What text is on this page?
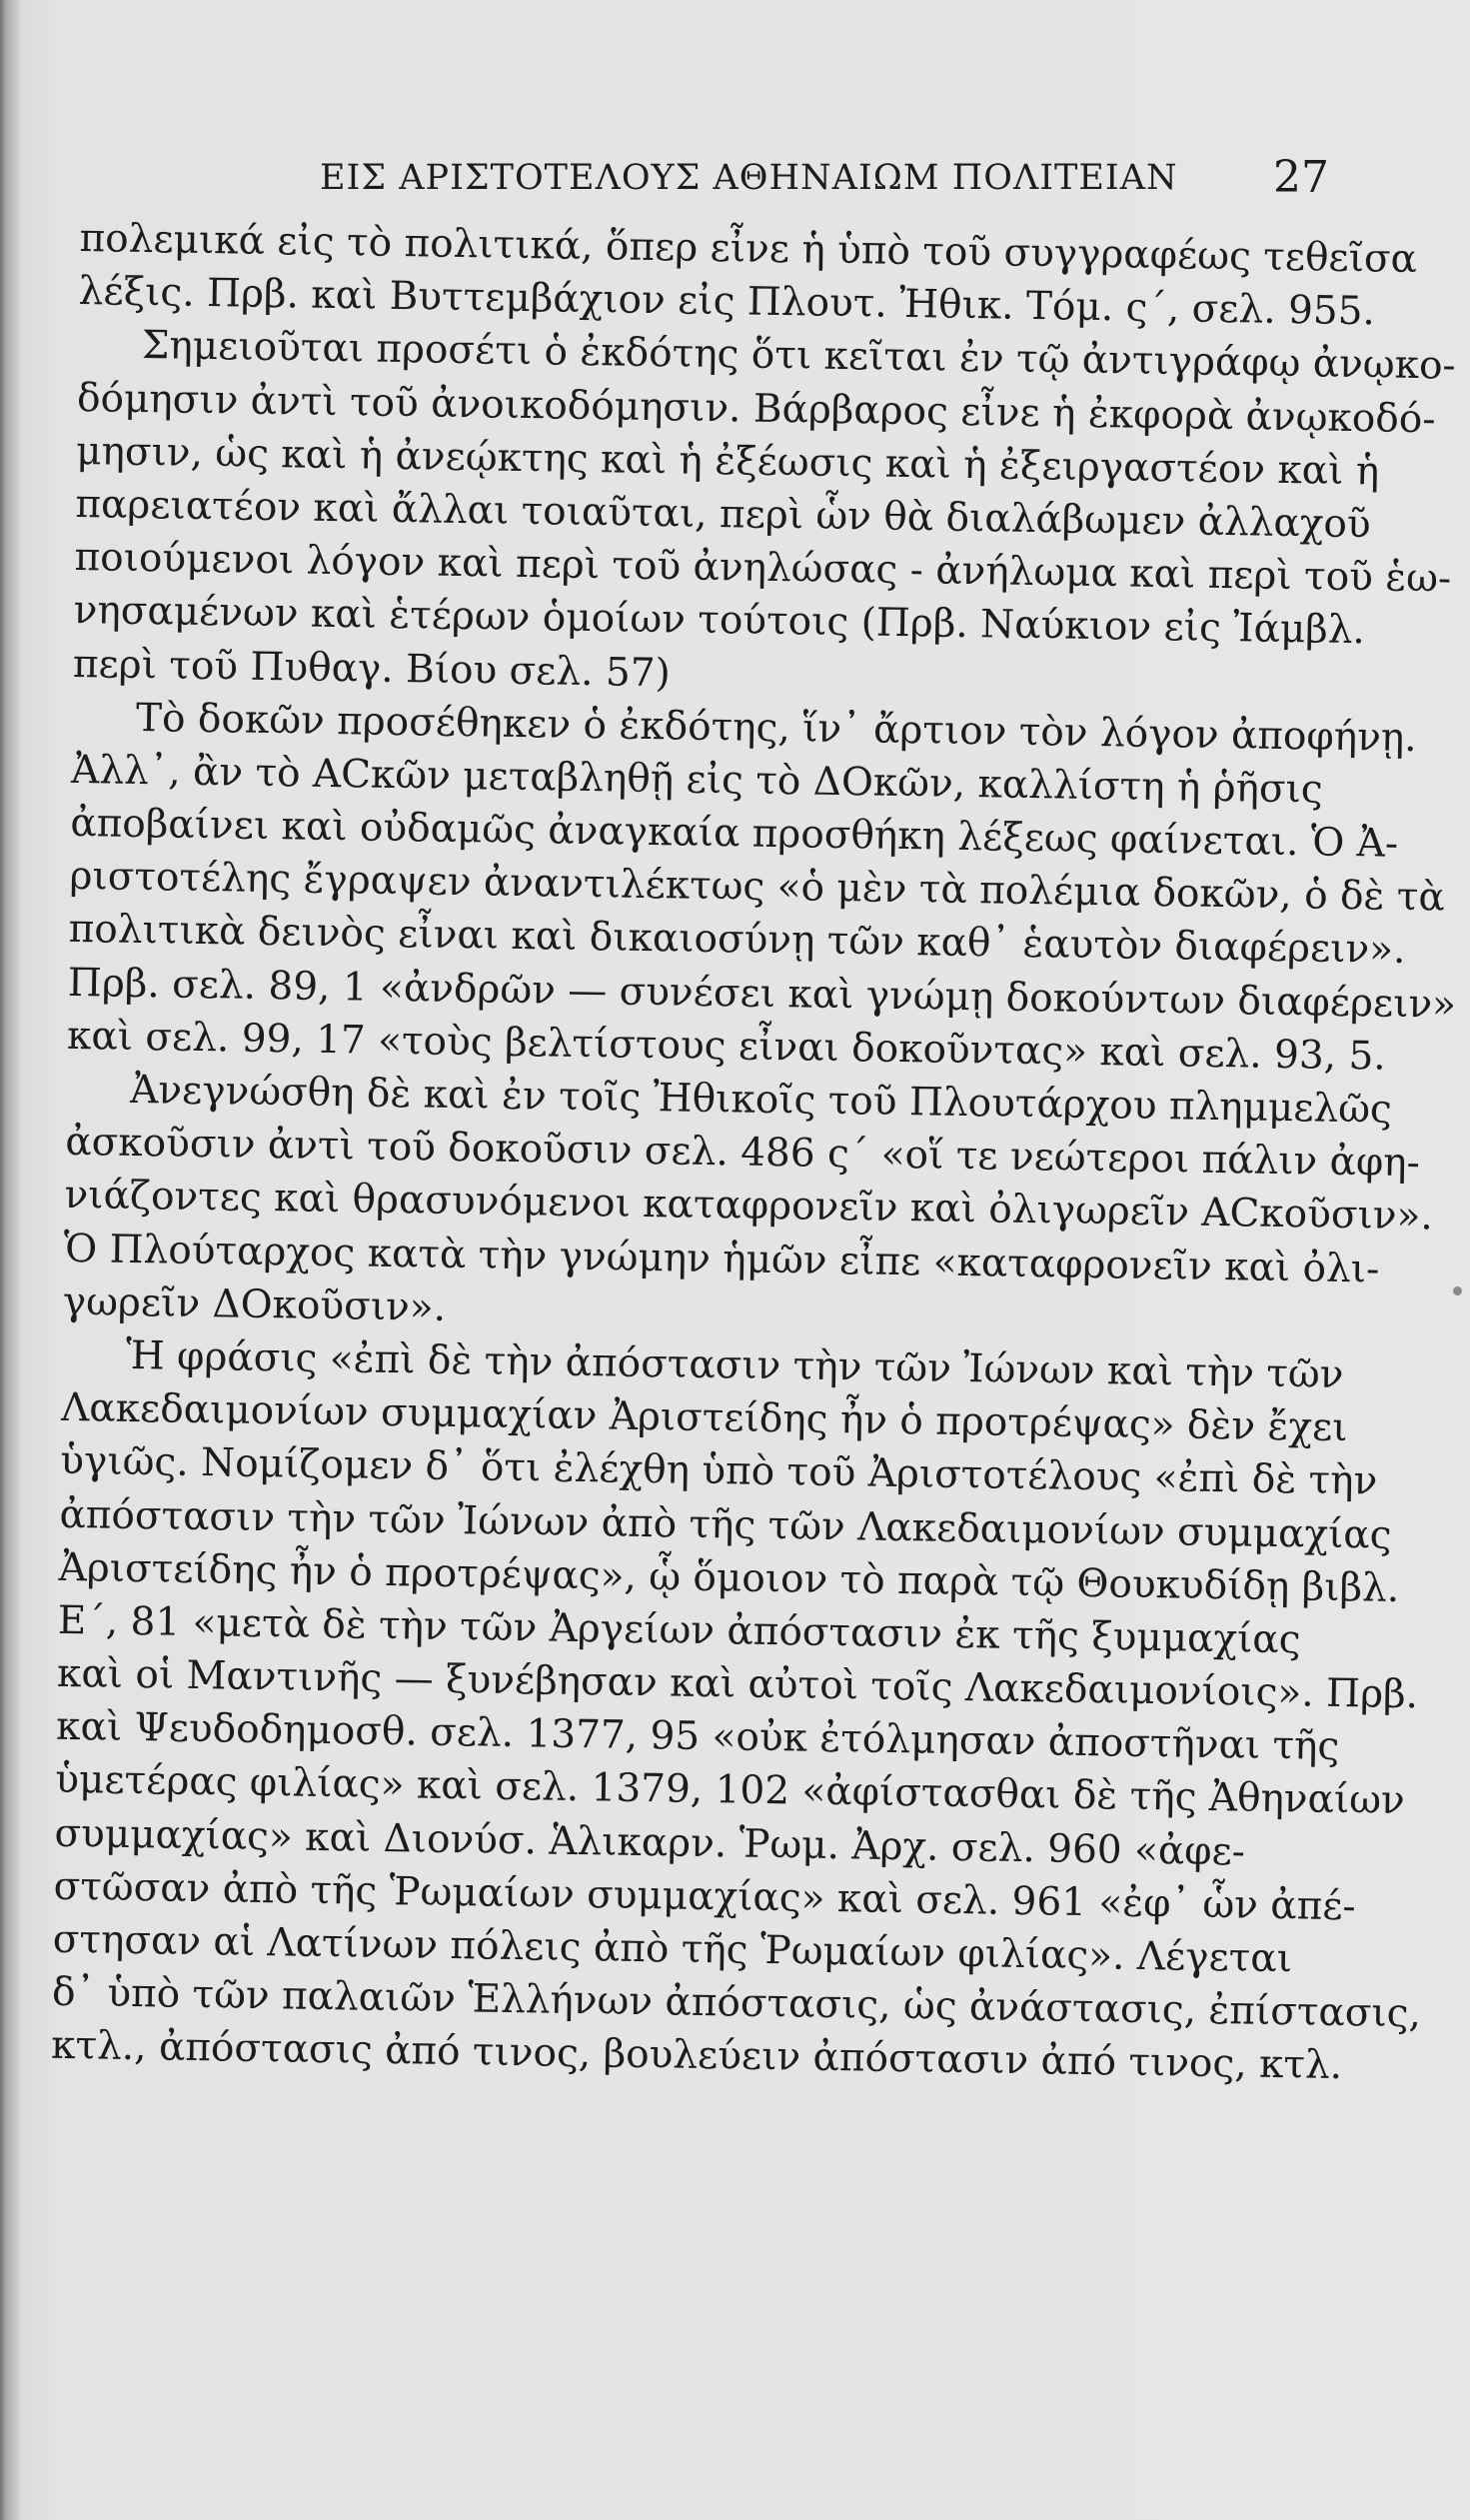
ΕΙΣ ΑΡΙΣΤΟΤΕΛΟΥΣ ΑΘΗΝΑΙΩΜ ΠΟΛΙΤΕΙΑΝ 27
πολεμικά εἰς τὸ πολιτικά, ὅπερ εἶνε ἡ ὑπὸ τοῦ συγγραφέως τεθεῖσα
λέξις. Πρβ. καὶ Βυττεμβάχιον εἰς Πλουτ. Ἠθικ. Τόμ. ς΄, σελ. 955.
Σημειοῦται προσέτι ὁ ἐκδότης ὅτι κεῖται ἐν τῷ ἀντιγράφῳ ἀνῳκο-
δόμησιν ἀντὶ τοῦ ἀνοικοδόμησιν. Βάρβαρος εἶνε ἡ ἐκφορὰ ἀνῳκοδό-
μησιν, ὡς καὶ ἡ ἀνεῴκτης καὶ ἡ ἐξέωσις καὶ ἡ ἐξειργαστέον καὶ ἡ
παρειατέον καὶ ἄλλαι τοιαῦται, περὶ ὧν θὰ διαλάβωμεν ἀλλαχοῦ
ποιούμενοι λόγον καὶ περὶ τοῦ ἀνηλώσας - ἀνήλωμα καὶ περὶ τοῦ ἑω-
νησαμένων καὶ ἑτέρων ὁμοίων τούτοις (Πρβ. Ναύκιον εἰς Ἰάμβλ.
περὶ τοῦ Πυθαγ. Βίου σελ. 57)
Τὸ δοκῶν προσέθηκεν ὁ ἐκδότης, ἵν᾽ ἄρτιον τὸν λόγον ἀποφήνῃ.
Ἀλλ᾽, ἂν τὸ ΑCκῶν μεταβληθῇ εἰς τὸ ΔΟκῶν, καλλίστη ἡ ῥῆσις
ἀποβαίνει καὶ οὐδαμῶς ἀναγκαία προσθήκη λέξεως φαίνεται. Ὁ Ἀ-
ριστοτέλης ἔγραψεν ἀναντιλέκτως «ὁ μὲν τὰ πολέμια δοκῶν, ὁ δὲ τὰ
πολιτικὰ δεινὸς εἶναι καὶ δικαιοσύνῃ τῶν καθ᾽ ἑαυτὸν διαφέρειν».
Πρβ. σελ. 89, 1 «ἀνδρῶν — συνέσει καὶ γνώμῃ δοκούντων διαφέρειν»
καὶ σελ. 99, 17 «τοὺς βελτίστους εἶναι δοκοῦντας» καὶ σελ. 93, 5.
Ἀνεγνώσθη δὲ καὶ ἐν τοῖς Ἠθικοῖς τοῦ Πλουτάρχου πλημμελῶς
ἀσκοῦσιν ἀντὶ τοῦ δοκοῦσιν σελ. 486 ς΄ «οἵ τε νεώτεροι πάλιν ἀφη-
νιάζοντες καὶ θρασυνόμενοι καταφρονεῖν καὶ ὀλιγωρεῖν ΑCκοῦσιν».
Ὁ Πλούταρχος κατὰ τὴν γνώμην ἡμῶν εἶπε «καταφρονεῖν καὶ ὀλι-
γωρεῖν ΔΟκοῦσιν».
Ἡ φράσις «ἐπὶ δὲ τὴν ἀπόστασιν τὴν τῶν Ἰώνων καὶ τὴν τῶν
Λακεδαιμονίων συμμαχίαν Ἀριστείδης ἦν ὁ προτρέψας» δὲν ἔχει
ὑγιῶς. Νομίζομεν δ᾽ ὅτι ἐλέχθη ὑπὸ τοῦ Ἀριστοτέλους «ἐπὶ δὲ τὴν
ἀπόστασιν τὴν τῶν Ἰώνων ἀπὸ τῆς τῶν Λακεδαιμονίων συμμαχίας
Ἀριστείδης ἦν ὁ προτρέψας», ᾧ ὅμοιον τὸ παρὰ τῷ Θουκυδίδῃ βιβλ.
Ε΄, 81 «μετὰ δὲ τὴν τῶν Ἀργείων ἀπόστασιν ἐκ τῆς ξυμμαχίας
καὶ οἱ Μαντινῆς — ξυνέβησαν καὶ αὐτοὶ τοῖς Λακεδαιμονίοις». Πρβ.
καὶ Ψευδοδημοσθ. σελ. 1377, 95 «οὐκ ἐτόλμησαν ἀποστῆναι τῆς
ὑμετέρας φιλίας» καὶ σελ. 1379, 102 «ἀφίστασθαι δὲ τῆς Ἀθηναίων
συμμαχίας» καὶ Διονύσ. Ἁλικαρν. Ῥωμ. Ἀρχ. σελ. 960 «ἀφε-
στῶσαν ἀπὸ τῆς Ῥωμαίων συμμαχίας» καὶ σελ. 961 «ἐφ᾽ ὧν ἀπέ-
στησαν αἱ Λατίνων πόλεις ἀπὸ τῆς Ῥωμαίων φιλίας». Λέγεται
δ᾽ ὑπὸ τῶν παλαιῶν Ἑλλήνων ἀπόστασις, ὡς ἀνάστασις, ἐπίστασις,
κτλ., ἀπόστασις ἀπό τινος, βουλεύειν ἀπόστασιν ἀπό τινος, κτλ.
